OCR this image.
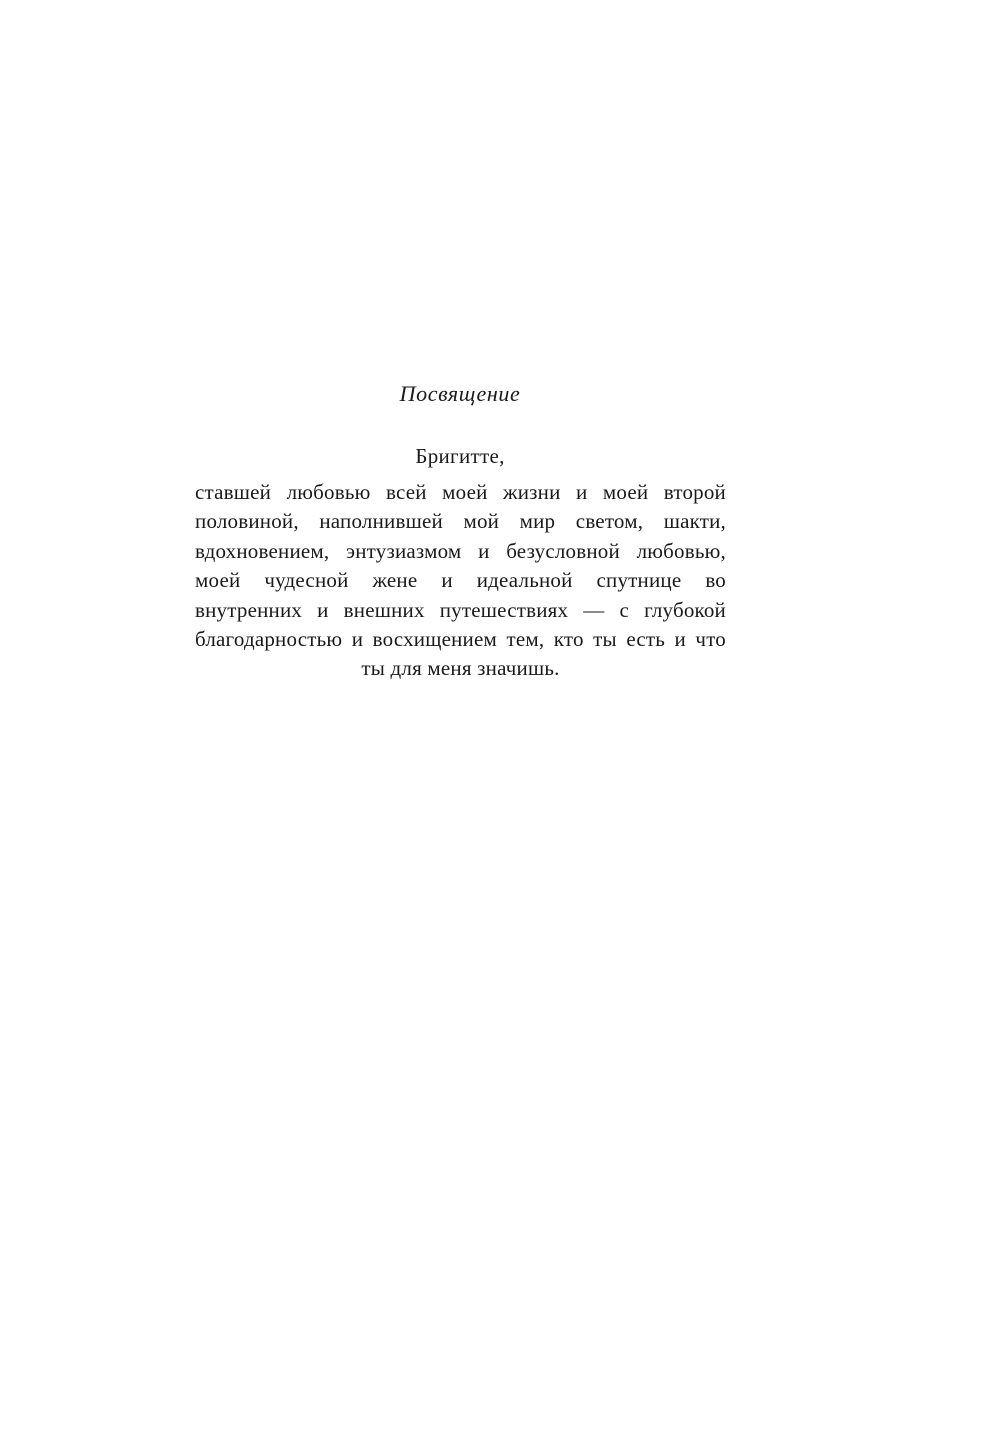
Посвящение
Бригитте,
ставшей любовью всей моей жизни и моей второй
половиной, наполнившей мой мир светом, шакти,
вдохновением, энтузиазмом и безусловной любовью,
моей чудесной жене и идеальной спутнице во
внутренних и внешних путешествиях — с глубокой
благодарностью и восхищением тем, кто ты есть и что
ты для меня значишь.
